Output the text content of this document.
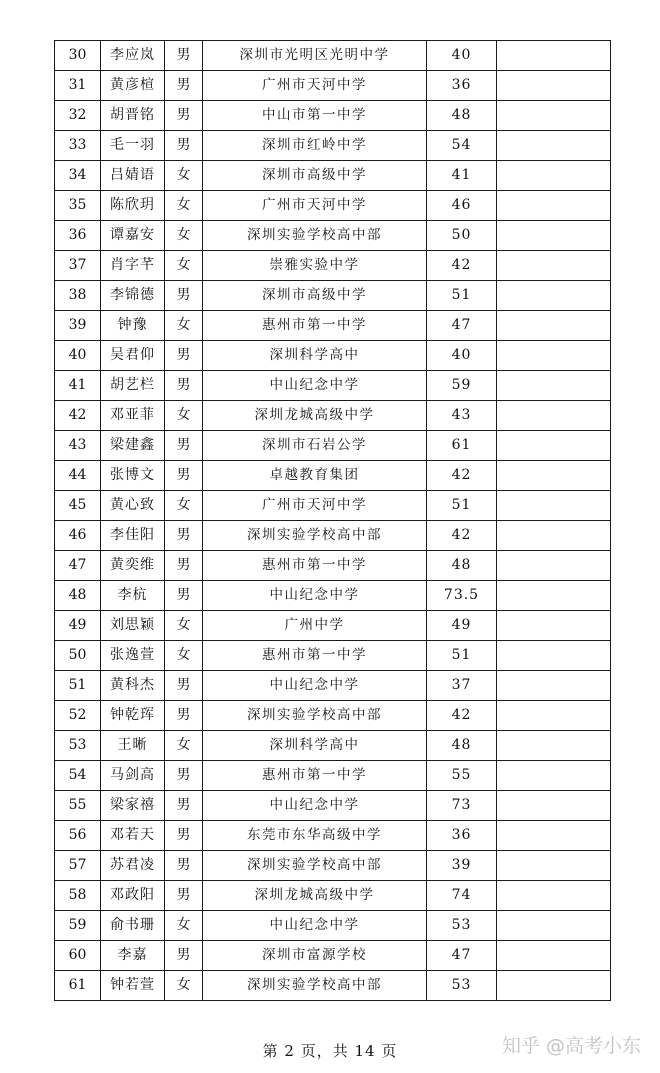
30	李应岚	男	深圳市光明区光明中学	40	
31	黄彦楦	男	广州市天河中学	36	
32	胡晋铭	男	中山市第一中学	48	
33	毛一羽	男	深圳市红岭中学	54	
34	吕婧语	女	深圳市高级中学	41	
35	陈欣玥	女	广州市天河中学	46	
36	谭嘉安	女	深圳实验学校高中部	50	
37	肖字芊	女	崇雅实验中学	42	
38	李锦德	男	深圳市高级中学	51	
39	钟豫	女	惠州市第一中学	47	
40	吴君仰	男	深圳科学高中	40	
41	胡艺栏	男	中山纪念中学	59	
42	邓亚菲	女	深圳龙城高级中学	43	
43	梁建鑫	男	深圳市石岩公学	61	
44	张博文	男	卓越教育集团	42	
45	黄心致	女	广州市天河中学	51	
46	李佳阳	男	深圳实验学校高中部	42	
47	黄奕维	男	惠州市第一中学	48	
48	李杭	男	中山纪念中学	73.5	
49	刘思颖	女	广州中学	49	
50	张逸萱	女	惠州市第一中学	51	
51	黄科杰	男	中山纪念中学	37	
52	钟乾珲	男	深圳实验学校高中部	42	
53	王晰	女	深圳科学高中	48	
54	马剑高	男	惠州市第一中学	55	
55	梁家禧	男	中山纪念中学	73	
56	邓若天	男	东莞市东华高级中学	36	
57	苏君凌	男	深圳实验学校高中部	39	
58	邓政阳	男	深圳龙城高级中学	74	
59	俞书珊	女	中山纪念中学	53	
60	李嘉	男	深圳市富源学校	47	
61	钟若萱	女	深圳实验学校高中部	53	
第 2 页，共 14 页	知乎 @高考小东
